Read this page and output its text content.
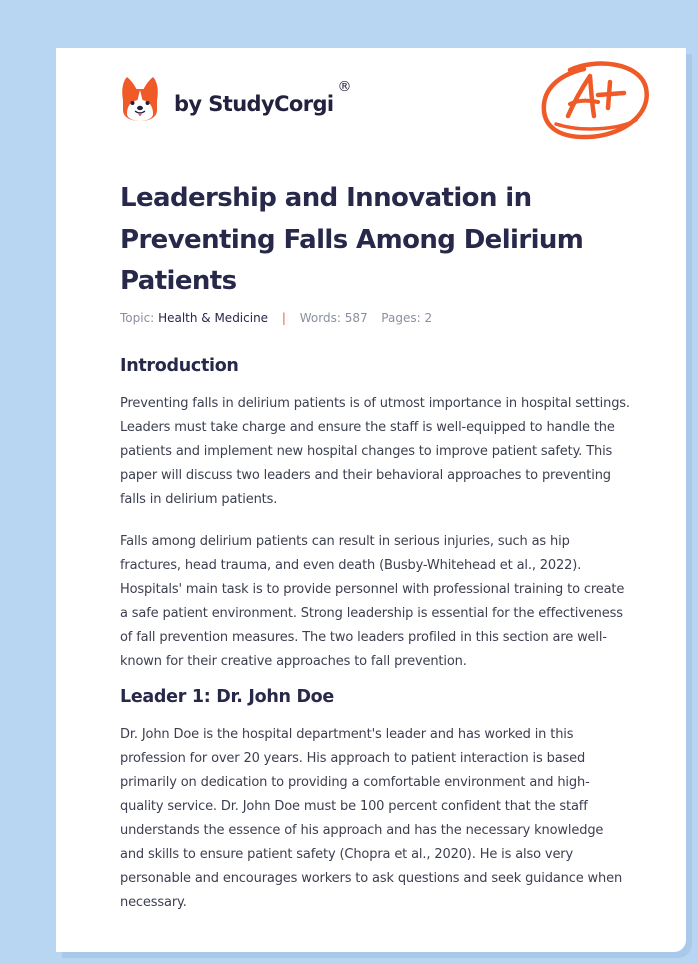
by StudyCorgi
®
Leadership and Innovation in Preventing Falls Among Delirium Patients
Topic: Health & Medicine | Words: 587 Pages: 2
Introduction

Preventing falls in delirium patients is of utmost importance in hospital settings. Leaders must take charge and ensure the staff is well-equipped to handle the patients and implement new hospital changes to improve patient safety. This paper will discuss two leaders and their behavioral approaches to preventing falls in delirium patients.

Falls among delirium patients can result in serious injuries, such as hip fractures, head trauma, and even death (Busby-Whitehead et al., 2022). Hospitals' main task is to provide personnel with professional training to create a safe patient environment. Strong leadership is essential for the effectiveness of fall prevention measures. The two leaders profiled in this section are well-known for their creative approaches to fall prevention.

Leader 1: Dr. John Doe

Dr. John Doe is the hospital department's leader and has worked in this profession for over 20 years. His approach to patient interaction is based primarily on dedication to providing a comfortable environment and high-quality service. Dr. John Doe must be 100 percent confident that the staff understands the essence of his approach and has the necessary knowledge and skills to ensure patient safety (Chopra et al., 2020). He is also very personable and encourages workers to ask questions and seek guidance when necessary.
